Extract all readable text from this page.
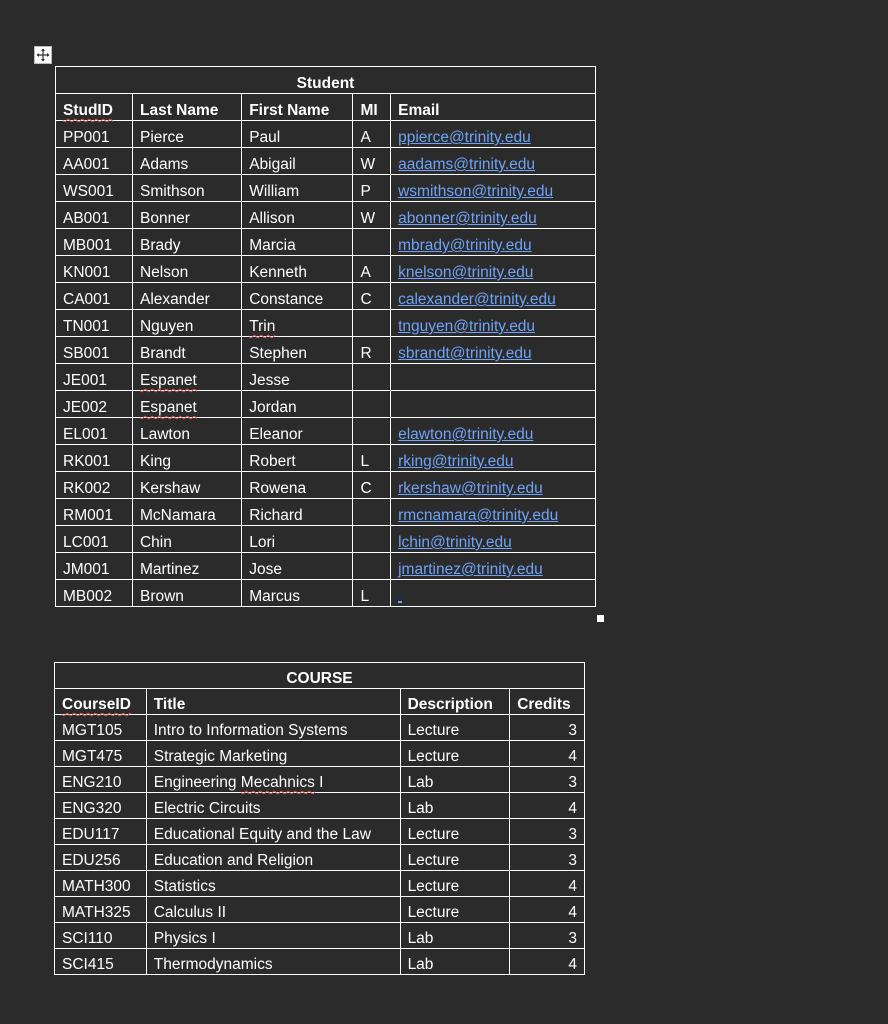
Student				
StudID	Last Name	First Name	MI	Email
PP001	Pierce	Paul	A	ppierce@trinity.edu
AA001	Adams	Abigail	W	aadams@trinity.edu
WS001	Smithson	William	P	wsmithson@trinity.edu
AB001	Bonner	Allison	W	abonner@trinity.edu
MB001	Brady	Marcia		mbrady@trinity.edu
KN001	Nelson	Kenneth	A	knelson@trinity.edu
CA001	Alexander	Constance	C	calexander@trinity.edu
TN001	Nguyen	Trin		tnguyen@trinity.edu
SB001	Brandt	Stephen	R	sbrandt@trinity.edu
JE001	Espanet	Jesse		
JE002	Espanet	Jordan		
EL001	Lawton	Eleanor		elawton@trinity.edu
RK001	King	Robert	L	rking@trinity.edu
RK002	Kershaw	Rowena	C	rkershaw@trinity.edu
RM001	McNamara	Richard		rmcnamara@trinity.edu
LC001	Chin	Lori		lchin@trinity.edu
JM001	Martinez	Jose		jmartinez@trinity.edu
MB002	Brown	Marcus	L	
COURSE			
CourseID	Title	Description	Credits
MGT105	Intro to Information Systems	Lecture	3
MGT475	Strategic Marketing	Lecture	4
ENG210	Engineering Mecahnics I	Lab	3
ENG320	Electric Circuits	Lab	4
EDU117	Educational Equity and the Law	Lecture	3
EDU256	Education and Religion	Lecture	3
MATH300	Statistics	Lecture	4
MATH325	Calculus II	Lecture	4
SCI110	Physics I	Lab	3
SCI415	Thermodynamics	Lab	4
